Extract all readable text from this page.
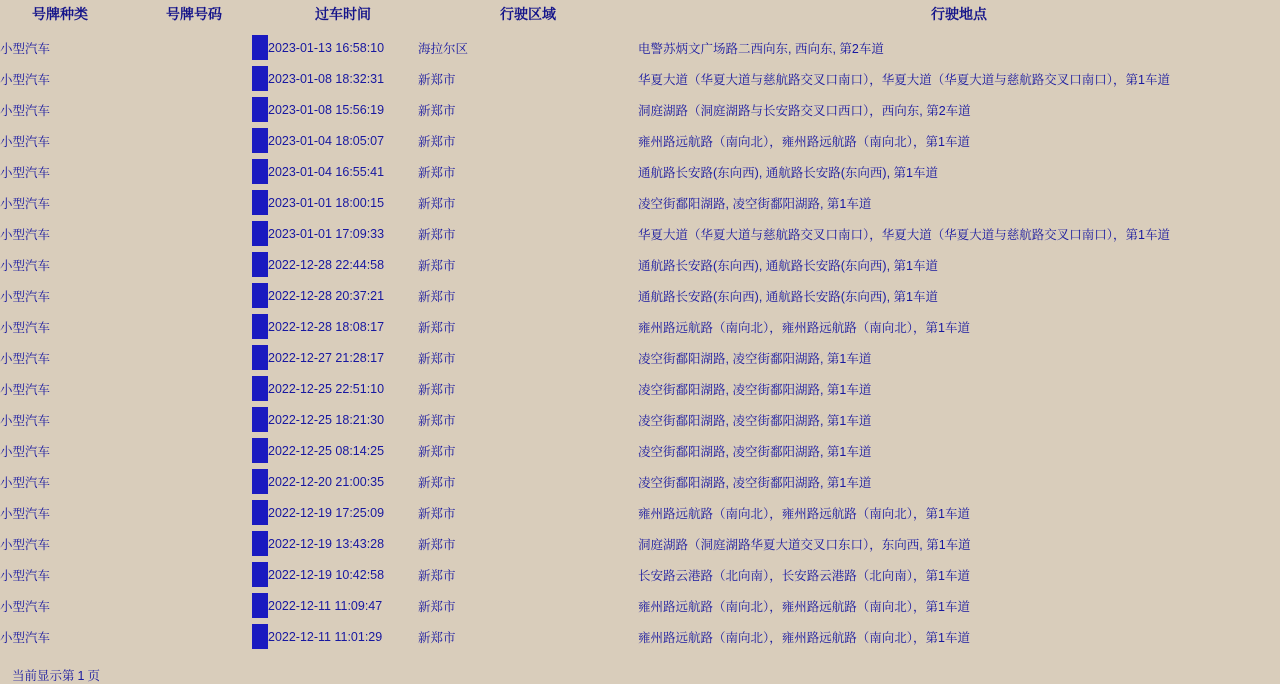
号牌种类	号牌号码	过车时间	行驶区域	行驶地点
小型汽车		2023-01-13 16:58:10	海拉尔区	电警苏炳文广场路二西向东, 西向东, 第2车道
小型汽车		2023-01-08 18:32:31	新郑市	华夏大道（华夏大道与慈航路交叉口南口），华夏大道（华夏大道与慈航路交叉口南口），第1车道
小型汽车		2023-01-08 15:56:19	新郑市	洞庭湖路（洞庭湖路与长安路交叉口西口），西向东, 第2车道
小型汽车		2023-01-04 18:05:07	新郑市	雍州路远航路（南向北），雍州路远航路（南向北），第1车道
小型汽车		2023-01-04 16:55:41	新郑市	通航路长安路(东向西), 通航路长安路(东向西), 第1车道
小型汽车		2023-01-01 18:00:15	新郑市	凌空街鄱阳湖路, 凌空街鄱阳湖路, 第1车道
小型汽车		2023-01-01 17:09:33	新郑市	华夏大道（华夏大道与慈航路交叉口南口），华夏大道（华夏大道与慈航路交叉口南口），第1车道
小型汽车		2022-12-28 22:44:58	新郑市	通航路长安路(东向西), 通航路长安路(东向西), 第1车道
小型汽车		2022-12-28 20:37:21	新郑市	通航路长安路(东向西), 通航路长安路(东向西), 第1车道
小型汽车		2022-12-28 18:08:17	新郑市	雍州路远航路（南向北），雍州路远航路（南向北），第1车道
小型汽车		2022-12-27 21:28:17	新郑市	凌空街鄱阳湖路, 凌空街鄱阳湖路, 第1车道
小型汽车		2022-12-25 22:51:10	新郑市	凌空街鄱阳湖路, 凌空街鄱阳湖路, 第1车道
小型汽车		2022-12-25 18:21:30	新郑市	凌空街鄱阳湖路, 凌空街鄱阳湖路, 第1车道
小型汽车		2022-12-25 08:14:25	新郑市	凌空街鄱阳湖路, 凌空街鄱阳湖路, 第1车道
小型汽车		2022-12-20 21:00:35	新郑市	凌空街鄱阳湖路, 凌空街鄱阳湖路, 第1车道
小型汽车		2022-12-19 17:25:09	新郑市	雍州路远航路（南向北），雍州路远航路（南向北），第1车道
小型汽车		2022-12-19 13:43:28	新郑市	洞庭湖路（洞庭湖路华夏大道交叉口东口），东向西, 第1车道
小型汽车		2022-12-19 10:42:58	新郑市	长安路云港路（北向南），长安路云港路（北向南），第1车道
小型汽车		2022-12-11 11:09:47	新郑市	雍州路远航路（南向北），雍州路远航路（南向北），第1车道
小型汽车		2022-12-11 11:01:29	新郑市	雍州路远航路（南向北），雍州路远航路（南向北），第1车道
当前显示第 1 页
